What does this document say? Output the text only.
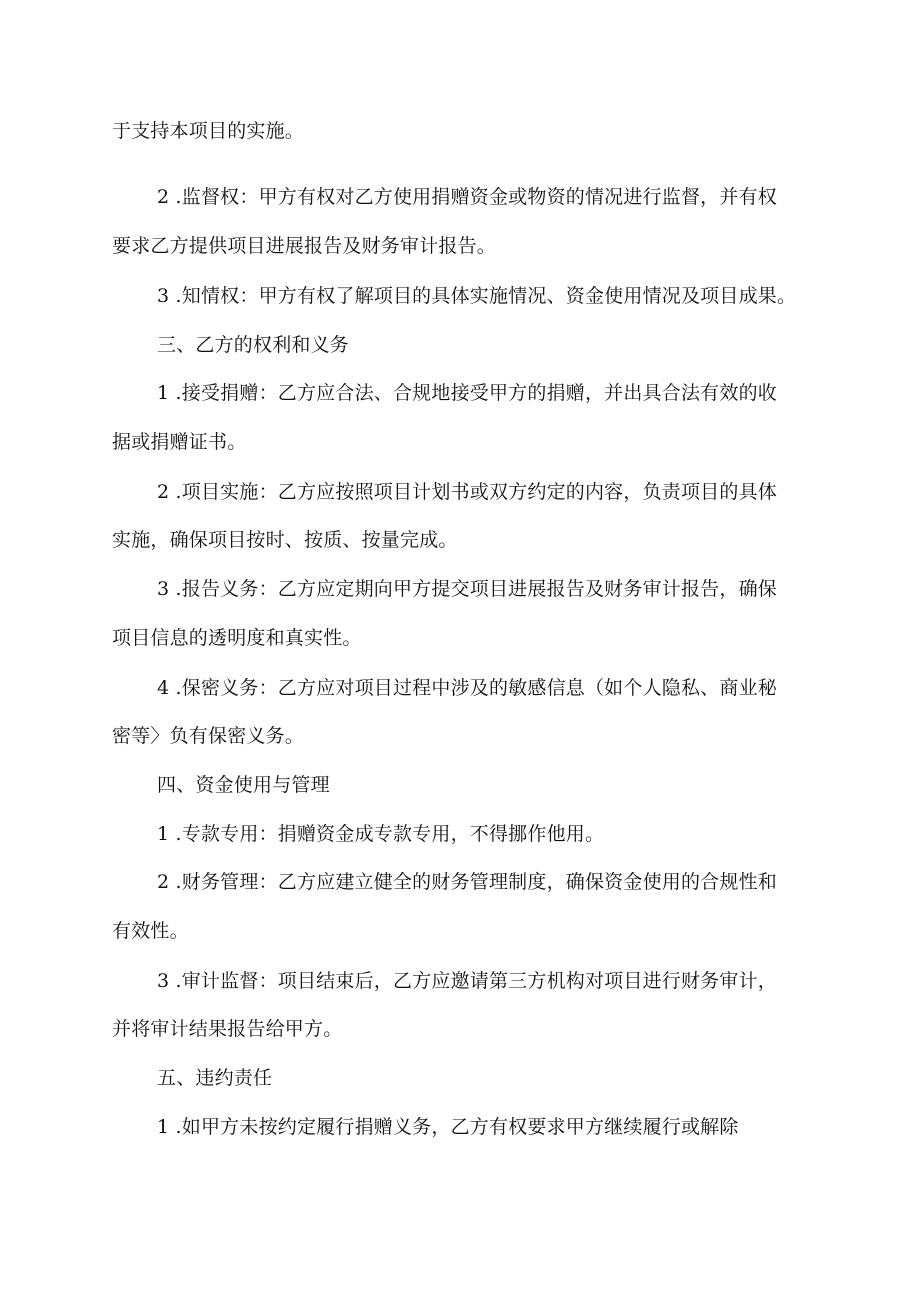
于支持本项目的实施。
2 .监督权：甲方有权对乙方使用捐赠资金或物资的情况进行监督，并有权
要求乙方提供项目进展报告及财务审计报告。
3 .知情权：甲方有权了解项目的具体实施情况、资金使用情况及项目成果。
三、乙方的权利和义务
1 .接受捐赠：乙方应合法、合规地接受甲方的捐赠，并出具合法有效的收
据或捐赠证书。
2 .项目实施：乙方应按照项目计划书或双方约定的内容，负责项目的具体
实施，确保项目按时、按质、按量完成。
3 .报告义务：乙方应定期向甲方提交项目进展报告及财务审计报告，确保
项目信息的透明度和真实性。
4 .保密义务：乙方应对项目过程中涉及的敏感信息（如个人隐私、商业秘
密等〉负有保密义务。
四、资金使用与管理
1 .专款专用：捐赠资金成专款专用，不得挪作他用。
2 .财务管理：乙方应建立健全的财务管理制度，确保资金使用的合规性和
有效性。
3 .审计监督：项目结束后，乙方应邀请第三方机构对项目进行财务审计，
并将审计结果报告给甲方。
五、违约责任
1 .如甲方未按约定履行捐赠义务，乙方有权要求甲方继续履行或解除
